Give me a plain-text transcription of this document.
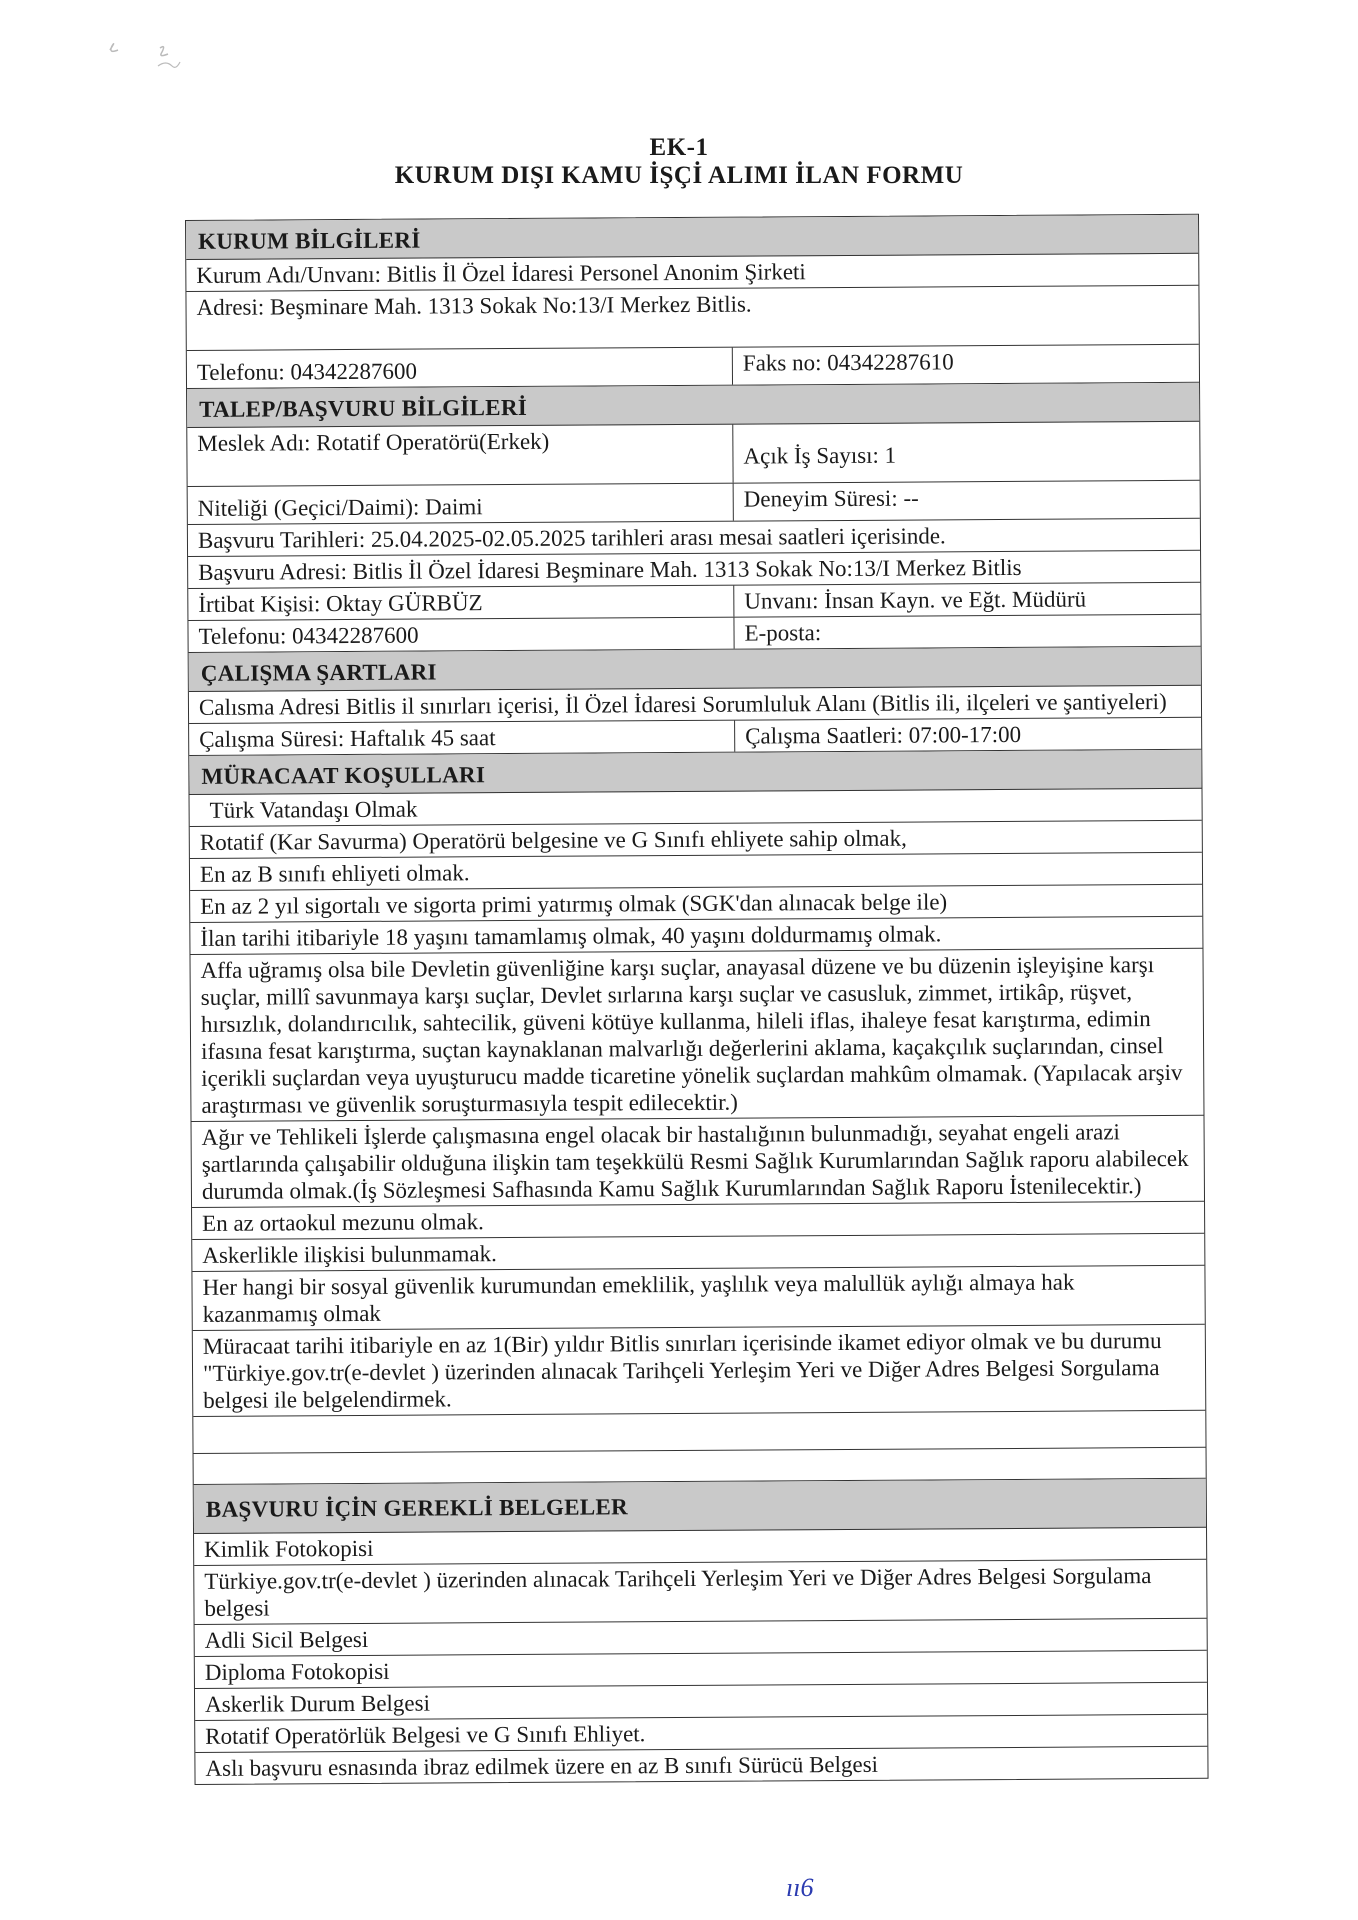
EK-1
KURUM DIŞI KAMU İŞÇİ ALIMI İLAN FORMU
KURUM BİLGİLERİ
Kurum Adı/Unvanı: Bitlis İl Özel İdaresi Personel Anonim Şirketi
Adresi: Beşminare Mah. 1313 Sokak No:13/I Merkez Bitlis.
Telefonu: 04342287600	Faks no: 04342287610
TALEP/BAŞVURU BİLGİLERİ
Meslek Adı: Rotatif Operatörü(Erkek)	Açık İş Sayısı: 1
Niteliği (Geçici/Daimi): Daimi	Deneyim Süresi: --
Başvuru Tarihleri: 25.04.2025-02.05.2025 tarihleri arası mesai saatleri içerisinde.
Başvuru Adresi: Bitlis İl Özel İdaresi Beşminare Mah. 1313 Sokak No:13/I Merkez Bitlis
İrtibat Kişisi: Oktay GÜRBÜZ	Unvanı: İnsan Kayn. ve Eğt. Müdürü
Telefonu: 04342287600	E-posta:
ÇALIŞMA ŞARTLARI
Calısma Adresi Bitlis il sınırları içerisi, İl Özel İdaresi Sorumluluk Alanı (Bitlis ili, ilçeleri ve şantiyeleri)
Çalışma Süresi: Haftalık 45 saat	Çalışma Saatleri: 07:00-17:00
MÜRACAAT KOŞULLARI
Türk Vatandaşı Olmak
Rotatif (Kar Savurma) Operatörü belgesine ve G Sınıfı ehliyete sahip olmak,
En az B sınıfı ehliyeti olmak.
En az 2 yıl sigortalı ve sigorta primi yatırmış olmak (SGK'dan alınacak belge ile)
İlan tarihi itibariyle 18 yaşını tamamlamış olmak, 40 yaşını doldurmamış olmak.
Affa uğramış olsa bile Devletin güvenliğine karşı suçlar, anayasal düzene ve bu düzenin işleyişine karşı suçlar, millî savunmaya karşı suçlar, Devlet sırlarına karşı suçlar ve casusluk, zimmet, irtikâp, rüşvet, hırsızlık, dolandırıcılık, sahtecilik, güveni kötüye kullanma, hileli iflas, ihaleye fesat karıştırma, edimin ifasına fesat karıştırma, suçtan kaynaklanan malvarlığı değerlerini aklama, kaçakçılık suçlarından, cinsel içerikli suçlardan veya uyuşturucu madde ticaretine yönelik suçlardan mahkûm olmamak. (Yapılacak arşiv araştırması ve güvenlik soruşturmasıyla tespit edilecektir.)
Ağır ve Tehlikeli İşlerde çalışmasına engel olacak bir hastalığının bulunmadığı, seyahat engeli arazi şartlarında çalışabilir olduğuna ilişkin tam teşekkülü Resmi Sağlık Kurumlarından Sağlık raporu alabilecek durumda olmak.(İş Sözleşmesi Safhasında Kamu Sağlık Kurumlarından Sağlık Raporu İstenilecektir.)
En az ortaokul mezunu olmak.
Askerlikle ilişkisi bulunmamak.
Her hangi bir sosyal güvenlik kurumundan emeklilik, yaşlılık veya malullük aylığı almaya hak kazanmamış olmak
Müracaat tarihi itibariyle en az 1(Bir) yıldır Bitlis sınırları içerisinde ikamet ediyor olmak ve bu durumu "Türkiye.gov.tr(e-devlet ) üzerinden alınacak Tarihçeli Yerleşim Yeri ve Diğer Adres Belgesi Sorgulama belgesi ile belgelendirmek.
BAŞVURU İÇİN GEREKLİ BELGELER
Kimlik Fotokopisi
Türkiye.gov.tr(e-devlet ) üzerinden alınacak Tarihçeli Yerleşim Yeri ve Diğer Adres Belgesi Sorgulama belgesi
Adli Sicil Belgesi
Diploma Fotokopisi
Askerlik Durum Belgesi
Rotatif Operatörlük Belgesi ve G Sınıfı Ehliyet.
Aslı başvuru esnasında ibraz edilmek üzere en az B sınıfı Sürücü Belgesi
ıı6
